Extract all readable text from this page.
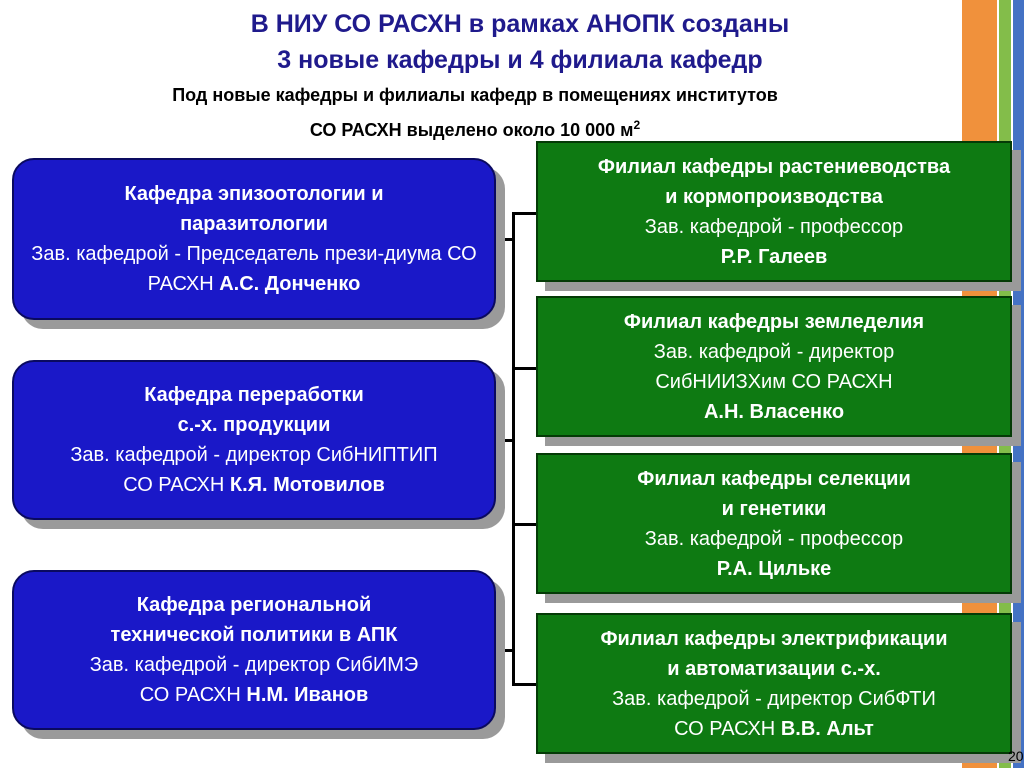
В НИУ СО РАСХН в рамках АНОПК созданы
3 новые кафедры и 4 филиала кафедр
Под новые кафедры и филиалы кафедр в помещениях институтов
СО РАСХН выделено около 10 000 $м^2$
Кафедра эпизоотологии и паразитологии
Зав. кафедрой - Председатель прези-диума СО РАСХН А.С. Донченко
Кафедра переработки
с.-х. продукции
Зав. кафедрой - директор СибНИПТИП
СО РАСХН К.Я. Мотовилов
Кафедра региональной
технической политики в АПК
Зав. кафедрой - директор СибИМЭ
СО РАСХН Н.М. Иванов
Филиал кафедры растениеводства
и кормопроизводства
Зав. кафедрой - профессор
Р.Р. Галеев
Филиал кафедры земледелия
Зав. кафедрой - директор
СибНИИЗХим СО РАСХН
А.Н. Власенко
Филиал кафедры селекции
и генетики
Зав. кафедрой - профессор
Р.А. Цильке
Филиал кафедры электрификации
и автоматизации с.-х.
Зав. кафедрой - директор СибФТИ
СО РАСХН В.В. Альт
20
